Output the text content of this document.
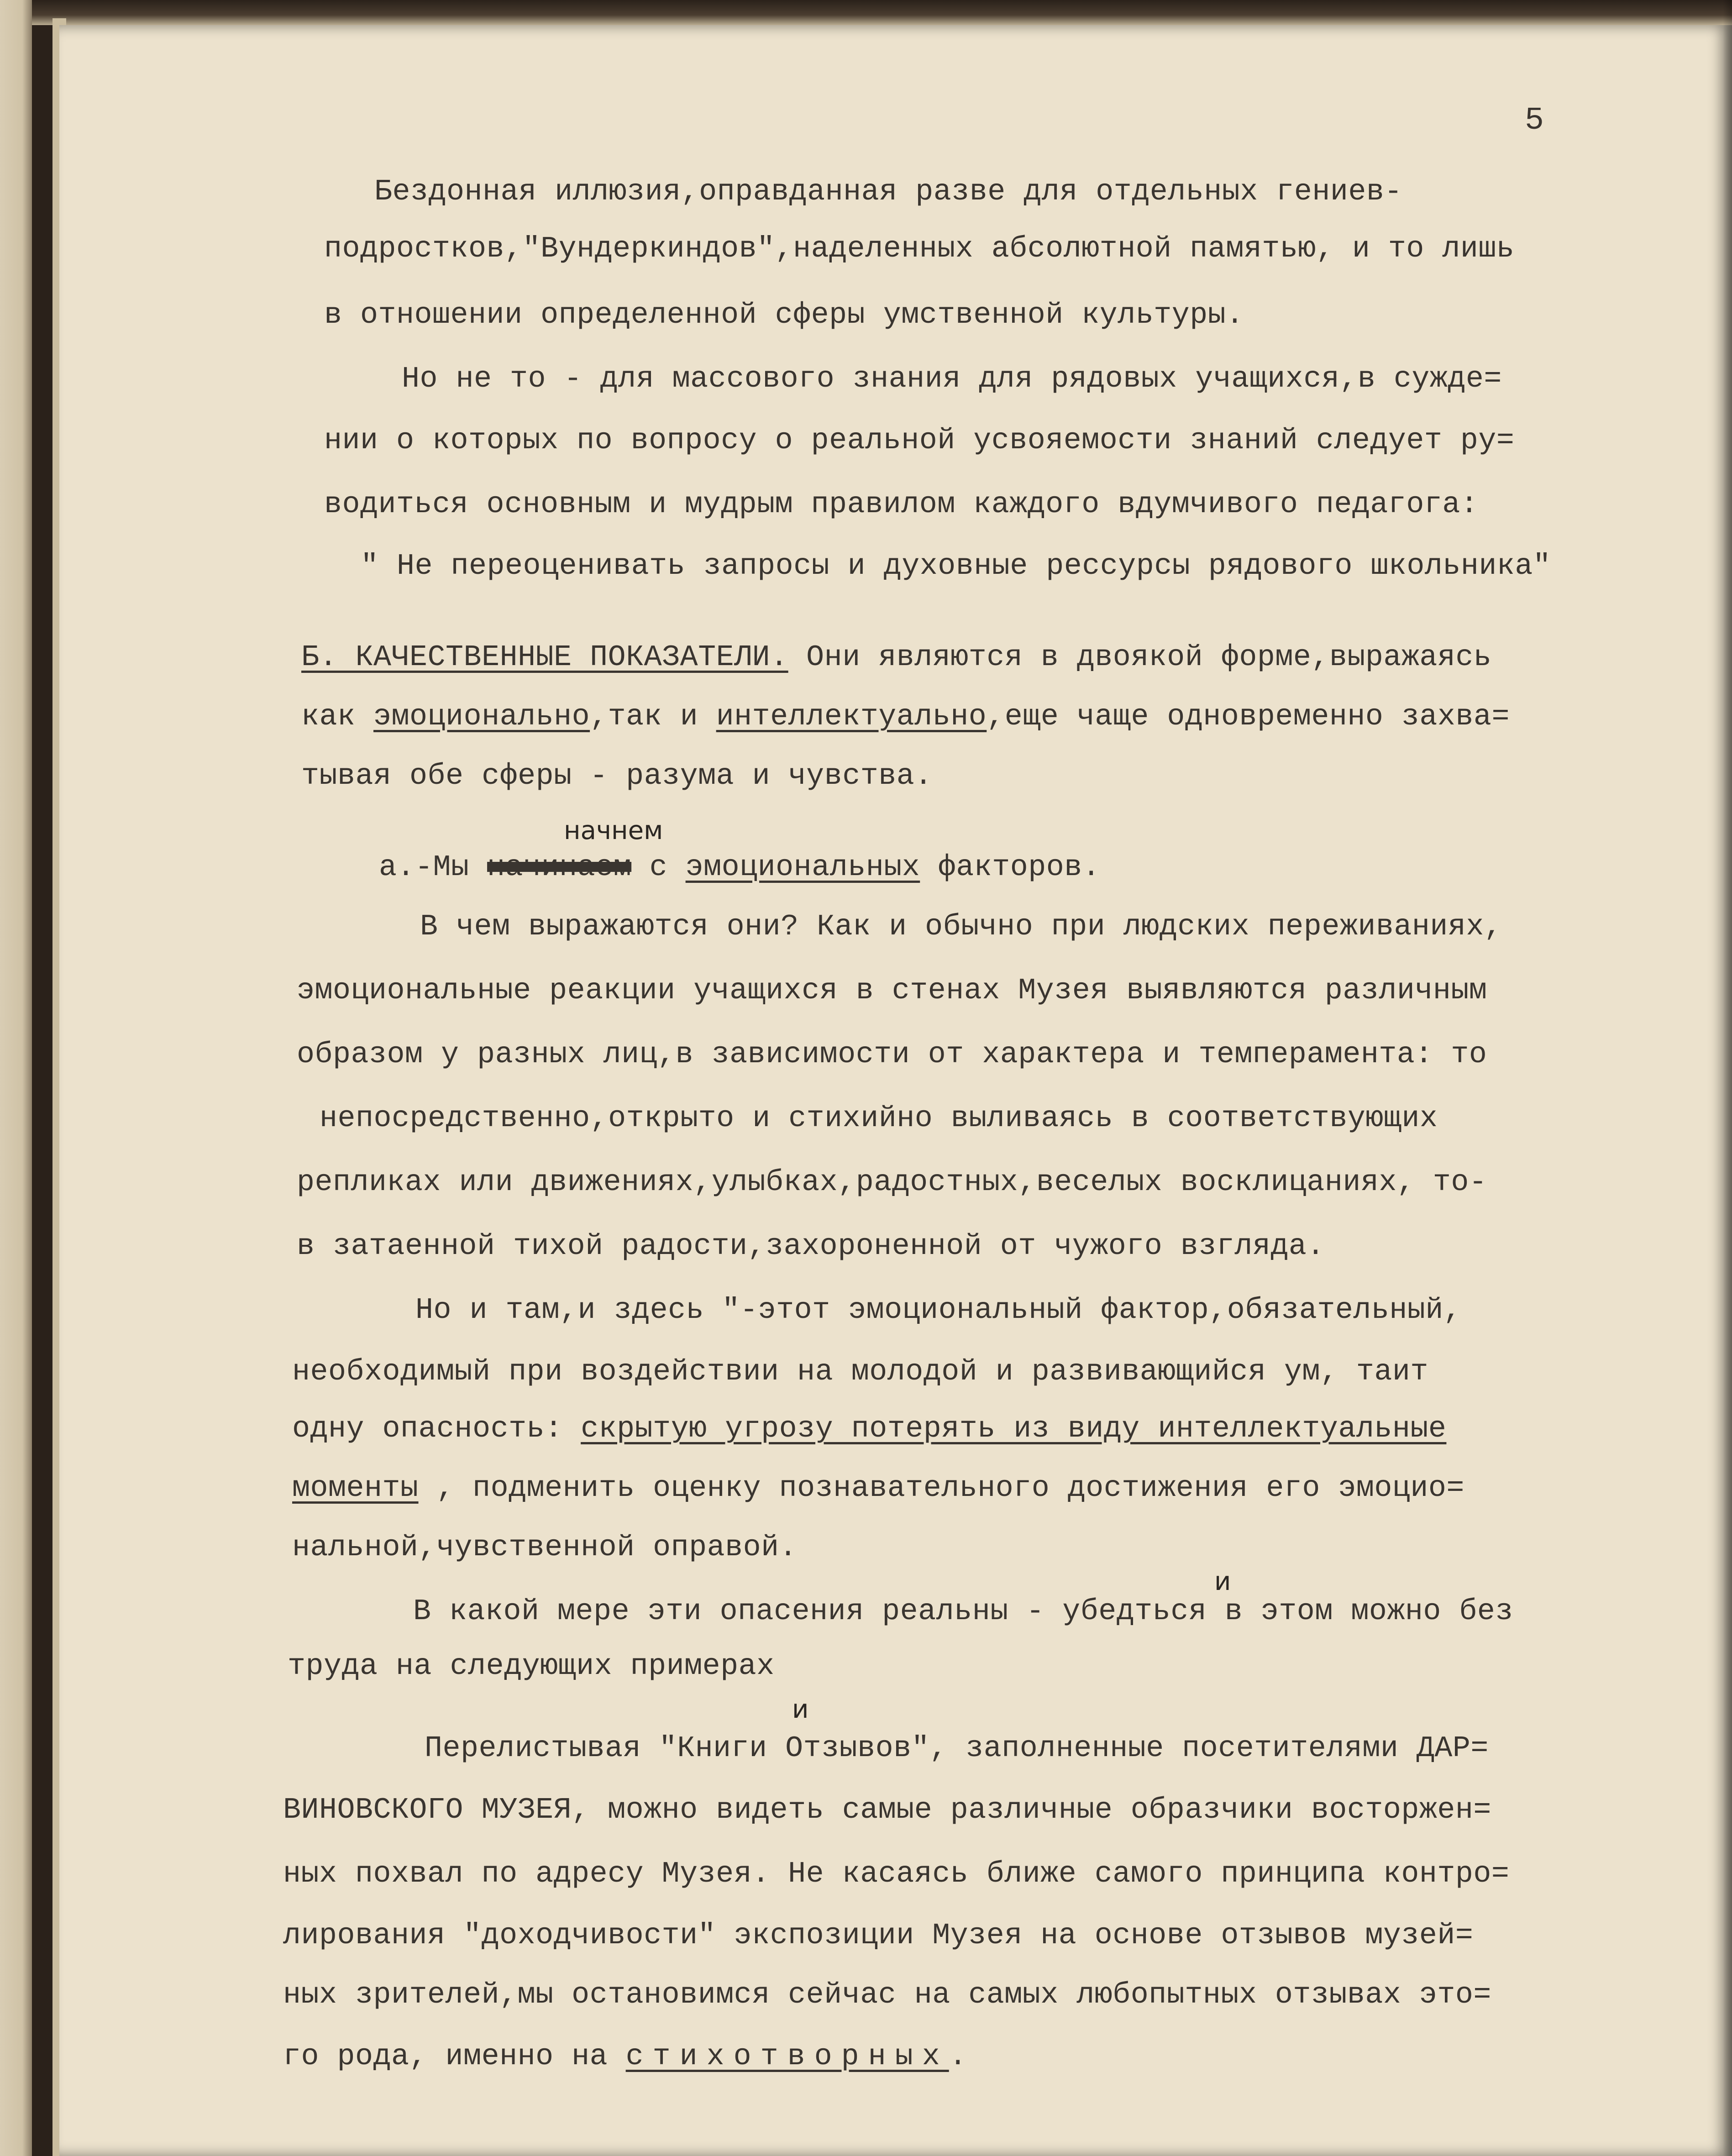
5
Бездонная иллюзия,оправданная разве для отдельных гениев-
подростков,"Вундеркиндов",наделенных абсолютной памятью, и то лишь
в отношении определенной сферы умственной культуры.
Но не то - для массового знания для рядовых учащихся,в сужде=
нии о которых по вопросу о реальной усвояемости знаний следует ру=
водиться основным и мудрым правилом каждого вдумчивого педагога:
" Не переоценивать запросы и духовные рессурсы рядового школьника"
Б. КАЧЕСТВЕННЫЕ ПОКАЗАТЕЛИ. Они являются в двоякой форме,выражаясь
как эмоционально,так и интеллектуально,еще чаще одновременно захва=
тывая обе сферы - разума и чувства.
начнем
а.-Мы начинаем с эмоциональных факторов.
В чем выражаются они? Как и обычно при людских переживаниях,
эмоциональные реакции учащихся в стенах Музея выявляются различным
образом у разных лиц,в зависимости от характера и темперамента: то
непосредственно,открыто и стихийно выливаясь в соответствующих
репликах или движениях,улыбках,радостных,веселых восклицаниях, то-
в затаенной тихой радости,захороненной от чужого взгляда.
Но и там,и здесь "-этот эмоциональный фактор,обязательный,
необходимый при воздействии на молодой и развивающийся ум, таит
одну опасность: скрытую угрозу потерять из виду интеллектуальные
моменты , подменить оценку познавательного достижения его эмоцио=
нальной,чувственной оправой.
и
В какой мере эти опасения реальны - убедться в этом можно без
труда на следующих примерах
и
Перелистывая "Книги Отзывов", заполненные посетителями ДАР=
ВИНОВСКОГО МУЗЕЯ, можно видеть самые различные образчики восторжен=
ных похвал по адресу Музея. Не касаясь ближе самого принципа контро=
лирования "доходчивости" экспозиции Музея на основе отзывов музей=
ных зрителей,мы остановимся сейчас на самых любопытных отзывах это=
го рода, именно на стихотворных.
